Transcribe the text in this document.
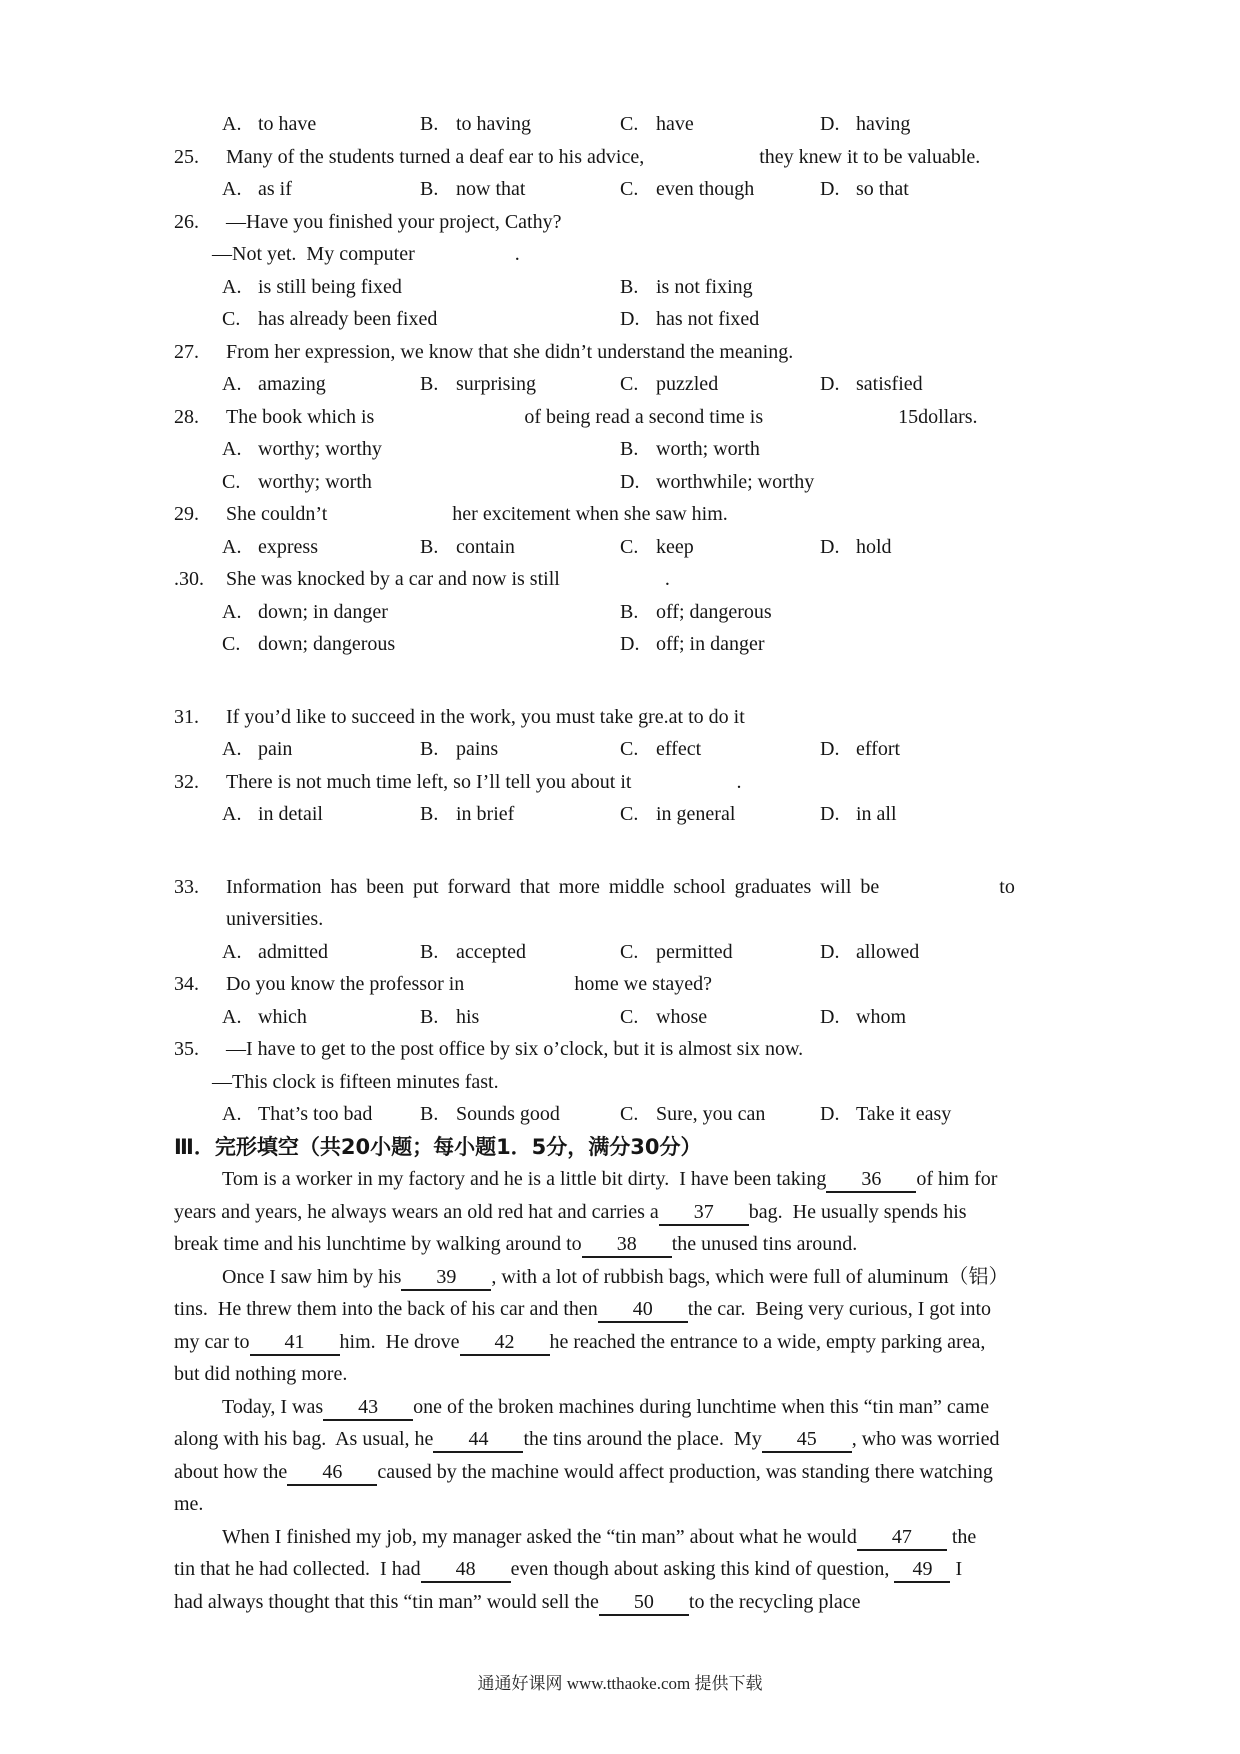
A. to have	B. to having	C. have	D. having
25. Many of the students turned a deaf ear to his advice,	they knew it to be valuable.
A. as if	B. now that	C. even though	D. so that
26. —Have you finished your project, Cathy?
—Not yet.  My computer	.
A. is still being fixed	B. is not fixing
C. has already been fixed	D. has not fixed
27. From her expression, we know that she didn’t understand the meaning.
A. amazing	B. surprising	C. puzzled	D. satisfied
28. The book which is	of being read a second time is	15dollars.
A. worthy; worthy	B. worth; worth
C. worthy; worth	D. worthwhile; worthy
29. She couldn’t	her excitement when she saw him.
A. express	B. contain	C. keep	D. hold
.30. She was knocked by a car and now is still	.
A. down; in danger	B. off; dangerous
C. down; dangerous	D. off; in danger
31. If you’d like to succeed in the work, you must take gre.at to do it
A. pain	B. pains	C. effect	D. effort
32. There is not much time left, so I’ll tell you about it	.
A. in detail	B. in brief	C. in general	D. in all
33. Information has been put forward that more middle school graduates will be	to
universities.
A. admitted	B. accepted	C. permitted	D. allowed
34. Do you know the professor in	home we stayed?
A. which	B. his	C. whose	D. whom
35. —I have to get to the post office by six o’clock, but it is almost six now.
—This clock is fifteen minutes fast.
A. That’s too bad B. Sounds good	C. Sure, you can	D. Take it easy
Ⅲ．完形填空（共20小题；每小题1．5分，满分30分）
Tom is a worker in my factory and he is a little bit dirty.  I have been taking 36 of him for
years and years, he always wears an old red hat and carries a 37 bag.  He usually spends his
break time and his lunchtime by walking around to 38 the unused tins around.
Once I saw him by his 39 , with a lot of rubbish bags, which were full of aluminum（铝）
tins.  He threw them into the back of his car and then 40 the car.  Being very curious, I got into
my car to 41 him.  He drove 42 he reached the entrance to a wide, empty parking area,
but did nothing more.
Today, I was 43 one of the broken machines during lunchtime when this “tin man” came
along with his bag.  As usual, he 44 the tins around the place.  My 45 , who was worried
about how the 46 caused by the machine would affect production, was standing there watching
me.
When I finished my job, my manager asked the “tin man” about what he would 47 the
tin that he had collected.  I had 48 even though about asking this kind of question, 49 I
had always thought that this “tin man” would sell the 50 to the recycling place
通通好课网 www.tthaoke.com 提供下载
